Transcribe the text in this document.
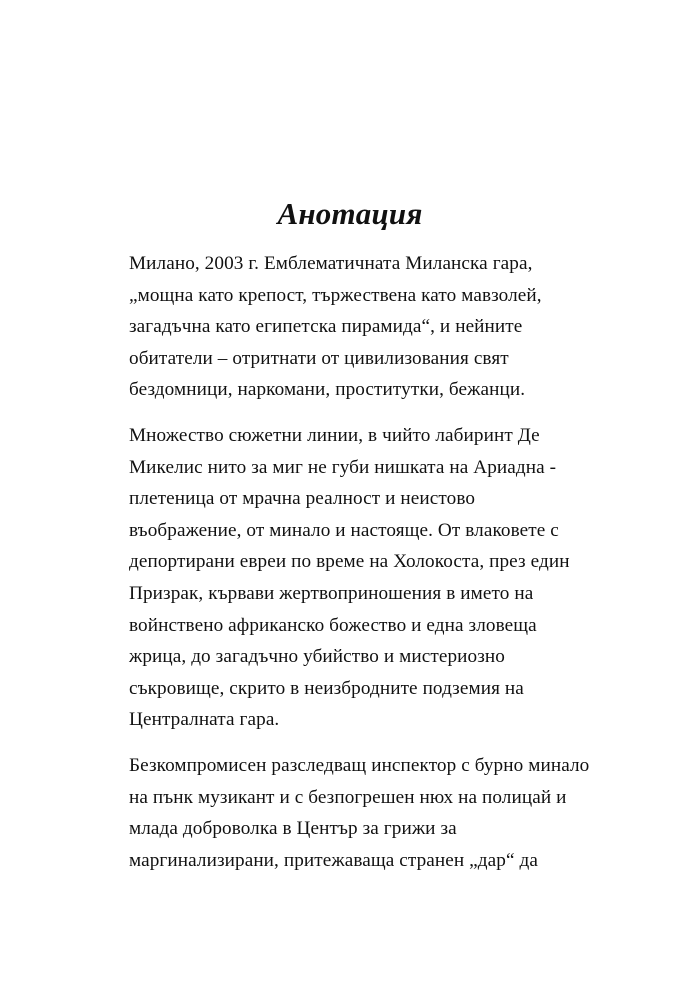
Анотация

Милано, 2003 г. Емблематичната Миланска гара,
„мощна като крепост, тържествена като мавзолей,
загадъчна като египетска пирамида“, и нейните
обитатели – отритнати от цивилизования свят
бездомници, наркомани, проститутки, бежанци.

Множество сюжетни линии, в чийто лабиринт Де
Микелис нито за миг не губи нишката на Ариадна -
плетеница от мрачна реалност и неистово
въображение, от минало и настояще. От влаковете с
депортирани евреи по време на Холокоста, през един
Призрак, кървави жертвоприношения в името на
войнствено африканско божество и една зловеща
жрица, до загадъчно убийство и мистериозно
съкровище, скрито в неизбродните подземия на
Централната гара.

Безкомпромисен разследващ инспектор с бурно минало
на пънк музикант и с безпогрешен нюх на полицай и
млада доброволка в Център за грижи за
маргинализирани, притежаваща странен „дар“ да
